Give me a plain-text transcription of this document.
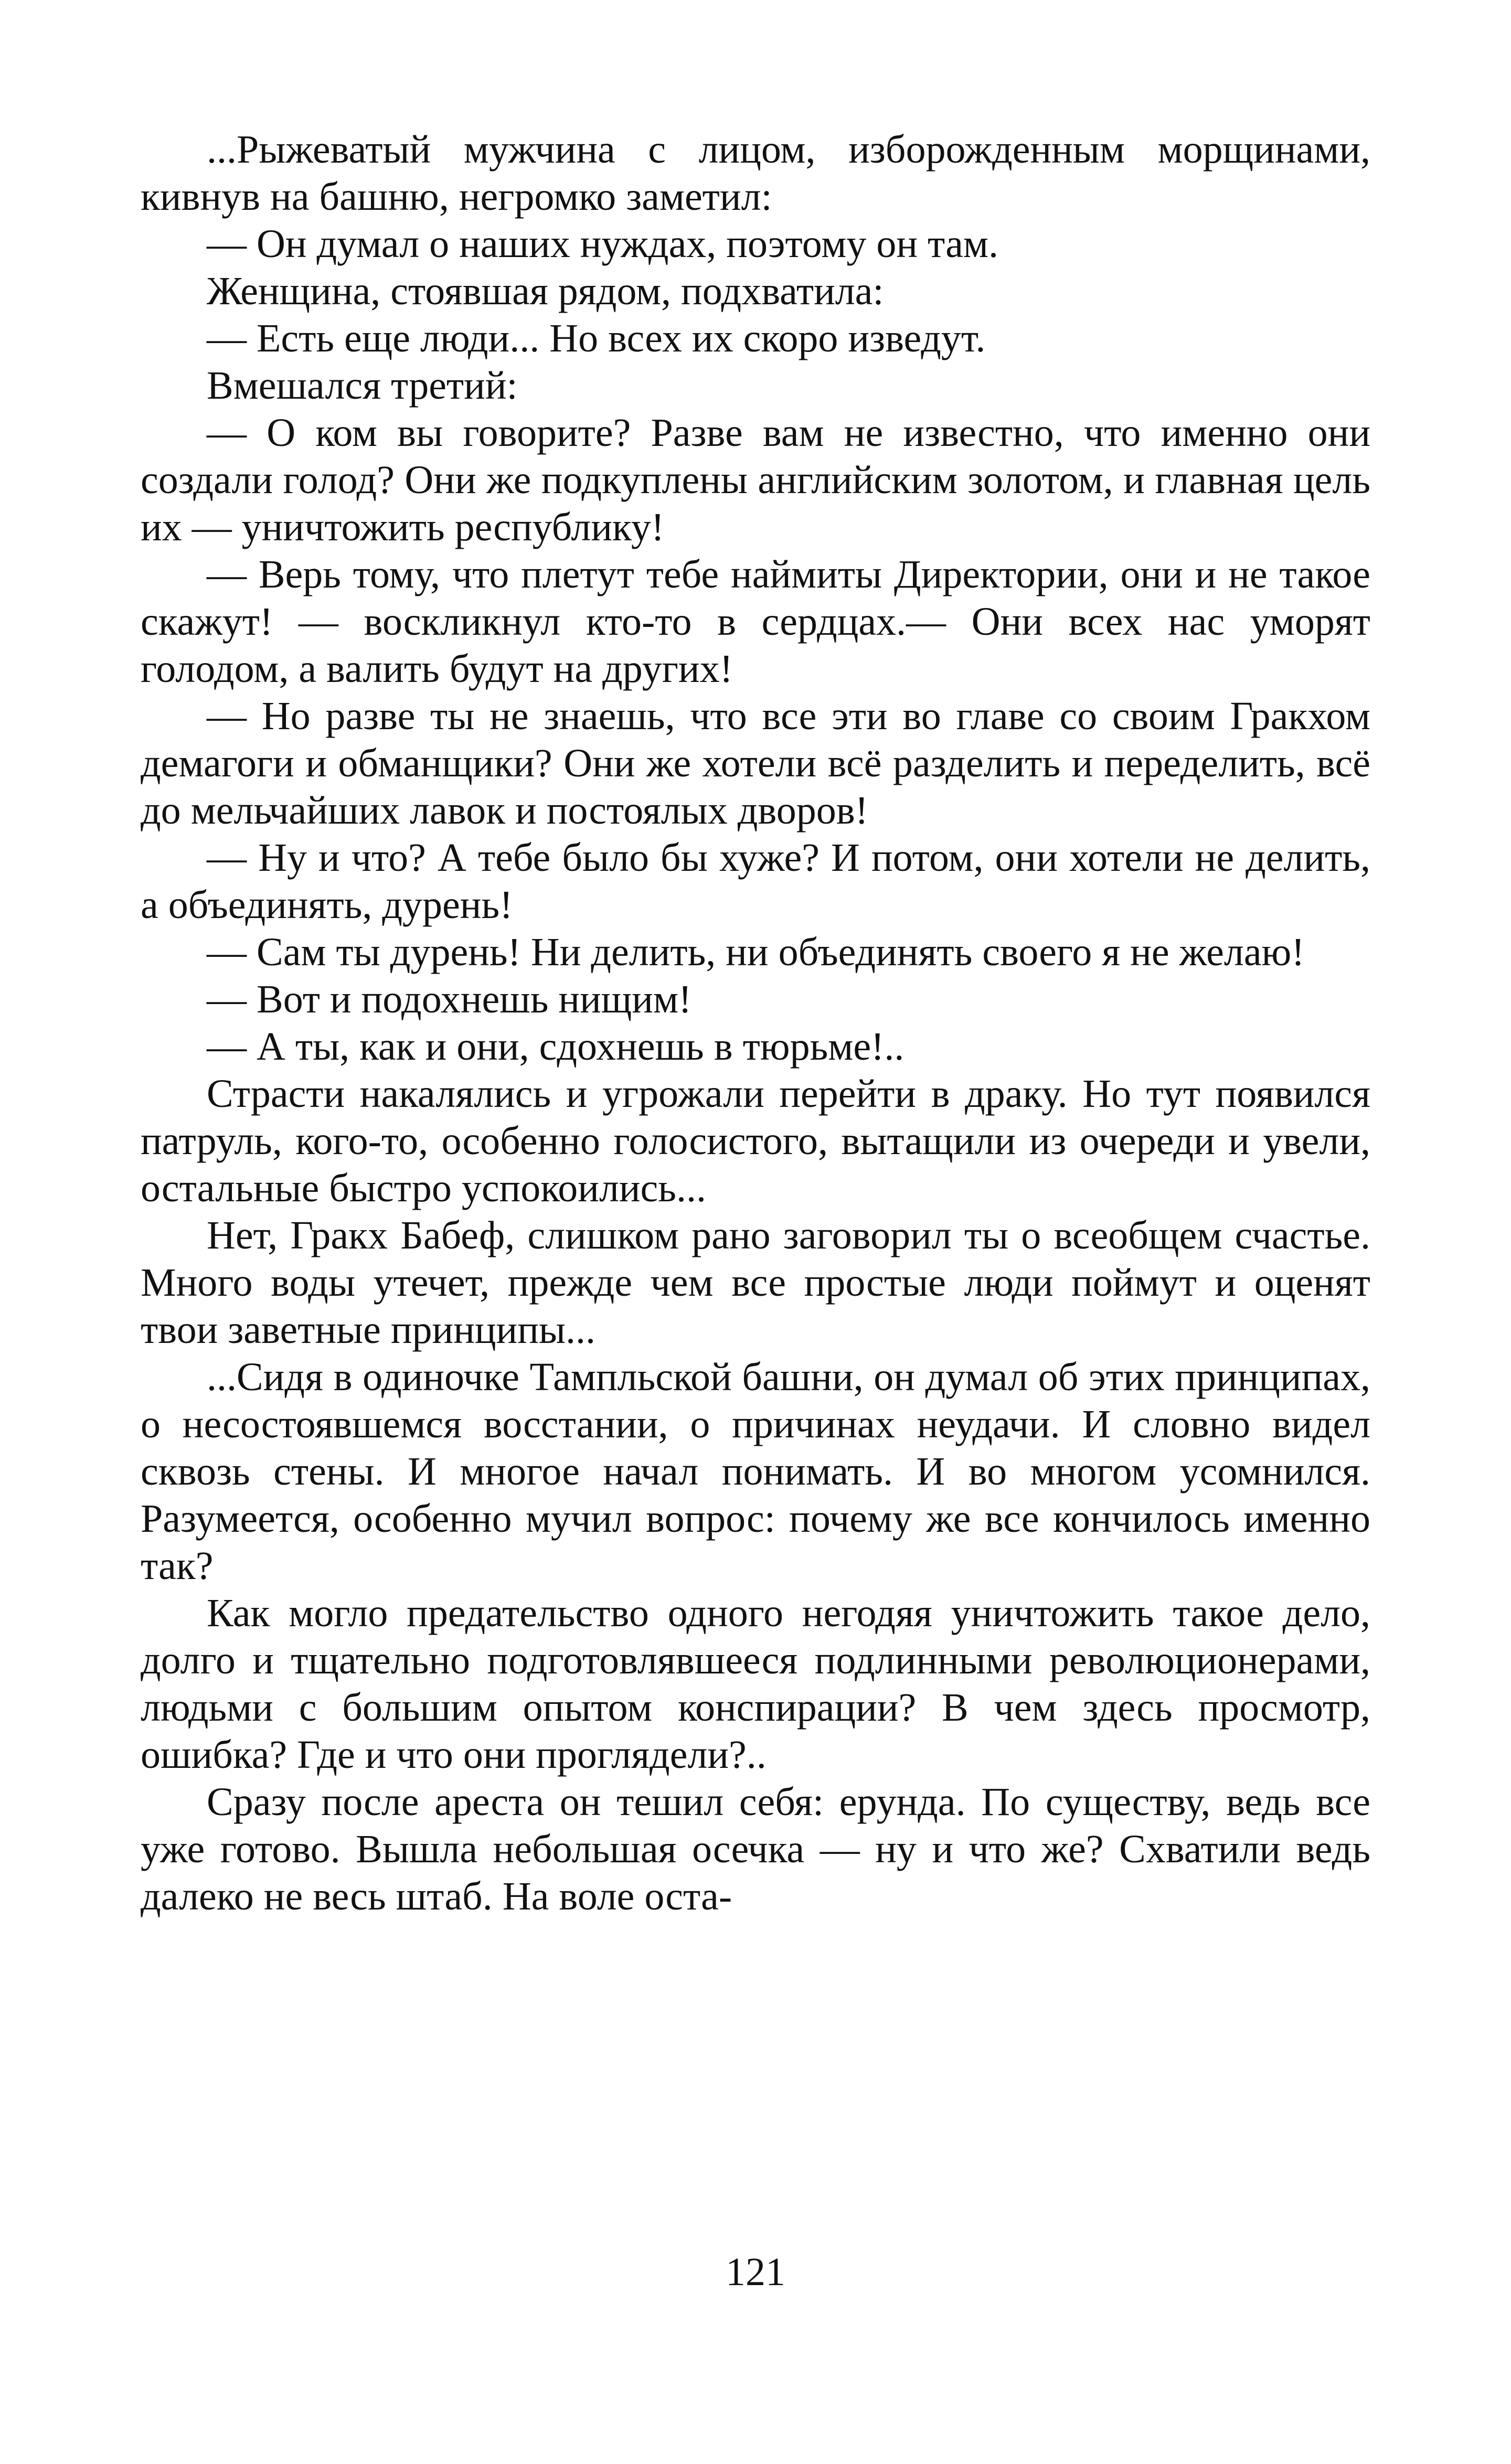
...Рыжеватый мужчина с лицом, изборожденным морщинами, кивнув на башню, негромко заметил:

— Он думал о наших нуждах, поэтому он там.

Женщина, стоявшая рядом, подхватила:

— Есть еще люди... Но всех их скоро изведут.

Вмешался третий:

— О ком вы говорите? Разве вам не известно, что именно они создали голод? Они же подкуплены английским золотом, и главная цель их — уничтожить республику!

— Верь тому, что плетут тебе наймиты Директории, они и не такое скажут! — воскликнул кто-то в сердцах.— Они всех нас уморят голодом, а валить будут на других!

— Но разве ты не знаешь, что все эти во главе со своим Гракхом демагоги и обманщики? Они же хотели всё разделить и переделить, всё до мельчайших лавок и постоялых дворов!

— Ну и что? А тебе было бы хуже? И потом, они хотели не делить, а объединять, дурень!

— Сам ты дурень! Ни делить, ни объединять своего я не желаю!

— Вот и подохнешь нищим!

— А ты, как и они, сдохнешь в тюрьме!..

Страсти накалялись и угрожали перейти в драку. Но тут появился патруль, кого-то, особенно голосистого, вытащили из очереди и увели, остальные быстро успокоились...

Нет, Гракх Бабеф, слишком рано заговорил ты о всеобщем счастье. Много воды утечет, прежде чем все простые люди поймут и оценят твои заветные принципы...

...Сидя в одиночке Тампльской башни, он думал об этих принципах, о несостоявшемся восстании, о причинах неудачи. И словно видел сквозь стены. И многое начал понимать. И во многом усомнился. Разумеется, особенно мучил вопрос: почему же все кончилось именно так?

Как могло предательство одного негодяя уничтожить такое дело, долго и тщательно подготовлявшееся подлинными революционерами, людьми с большим опытом конспирации? В чем здесь просмотр, ошибка? Где и что они проглядели?..

Сразу после ареста он тешил себя: ерунда. По существу, ведь все уже готово. Вышла небольшая осечка — ну и что же? Схватили ведь далеко не весь штаб. На воле оста-

121
